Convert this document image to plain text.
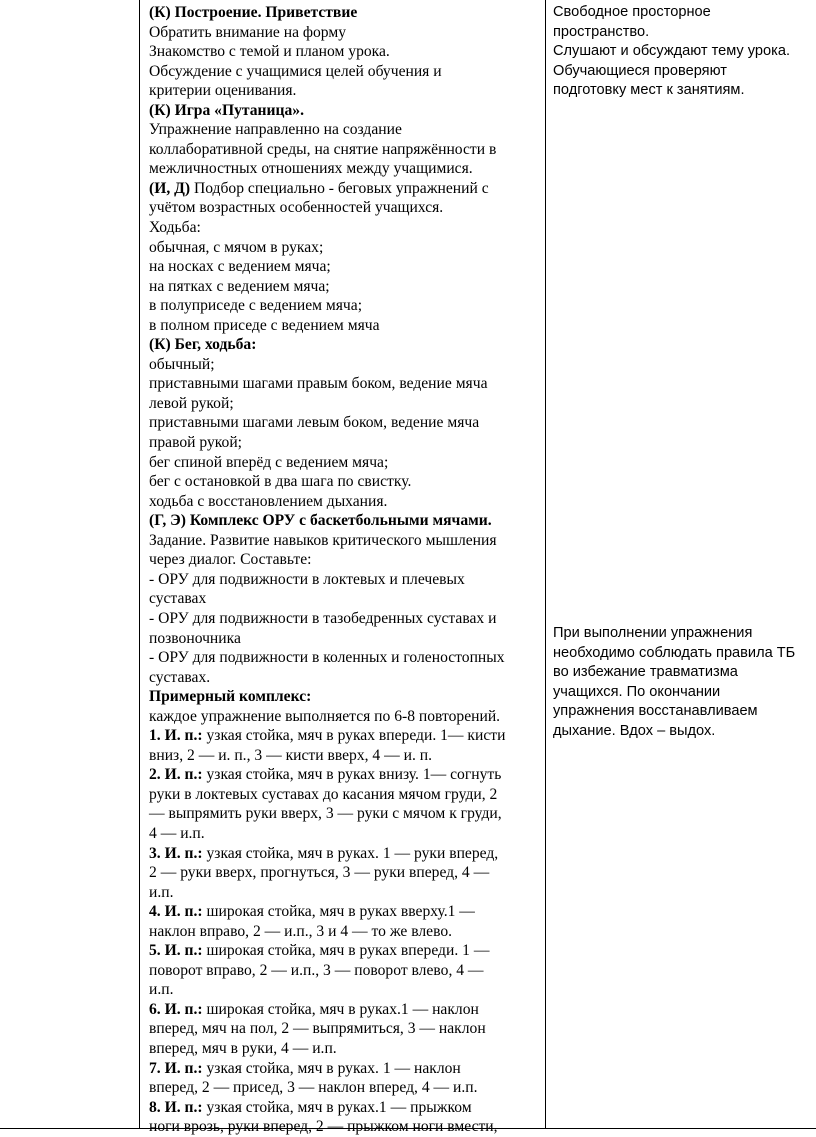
(К) Построение. Приветствие
Обратить внимание на форму
Знакомство с темой и планом урока.
Обсуждение с учащимися целей обучения и
критерии оценивания.
(К) Игра «Путаница».
Упражнение направленно на создание
коллаборативной среды, на снятие напряжённости в
межличностных отношениях между учащимися.
(И, Д) Подбор специально - беговых упражнений с
учётом возрастных особенностей учащихся.
Ходьба:
обычная, с мячом в руках;
на носках с ведением мяча;
на пятках с ведением мяча;
в полуприседе с ведением мяча;
в полном приседе с ведением мяча
(К) Бег, ходьба:
обычный;
приставными шагами правым боком, ведение мяча
левой рукой;
приставными шагами левым боком, ведение мяча
правой рукой;
бег спиной вперёд с ведением мяча;
бег с остановкой в два шага по свистку.
ходьба с восстановлением дыхания.
(Г, Э) Комплекс ОРУ с баскетбольными мячами.
Задание. Развитие навыков критического мышления
через диалог. Составьте:
- ОРУ для подвижности в локтевых и плечевых
суставах
- ОРУ для подвижности в тазобедренных суставах и
позвоночника
- ОРУ для подвижности в коленных и голеностопных
суставах.
Примерный комплекс:
каждое упражнение выполняется по 6-8 повторений.
1. И. п.: узкая стойка, мяч в руках впереди. 1— кисти
вниз, 2 — и. п., 3 — кисти вверх, 4 — и. п.
2. И. п.: узкая стойка, мяч в руках внизу. 1— согнуть
руки в локтевых суставах до касания мячом груди, 2
— выпрямить руки вверх, 3 — руки с мячом к груди,
4 — и.п.
3. И. п.: узкая стойка, мяч в руках. 1 — руки вперед,
2 — руки вверх, прогнуться, 3 — руки вперед, 4 —
и.п.
4. И. п.: широкая стойка, мяч в руках вверху.1 —
наклон вправо, 2 — и.п., 3 и 4 — то же влево.
5. И. п.: широкая стойка, мяч в руках впереди. 1 —
поворот вправо, 2 — и.п., 3 — поворот влево, 4 —
и.п.
6. И. п.: широкая стойка, мяч в руках.1 — наклон
вперед, мяч на пол, 2 — выпрямиться, 3 — наклон
вперед, мяч в руки, 4 — и.п.
7. И. п.: узкая стойка, мяч в руках. 1 — наклон
вперед, 2 — присед, 3 — наклон вперед, 4 — и.п.
8. И. п.: узкая стойка, мяч в руках.1 — прыжком
ноги врозь, руки вперед, 2 — прыжком ноги вмести,
Свободное просторное
пространство.
Слушают и обсуждают тему урока.
Обучающиеся проверяют
подготовку мест к занятиям.
При выполнении упражнения
необходимо соблюдать правила ТБ
во избежание травматизма
учащихся. По окончании
упражнения восстанавливаем
дыхание. Вдох – выдох.
